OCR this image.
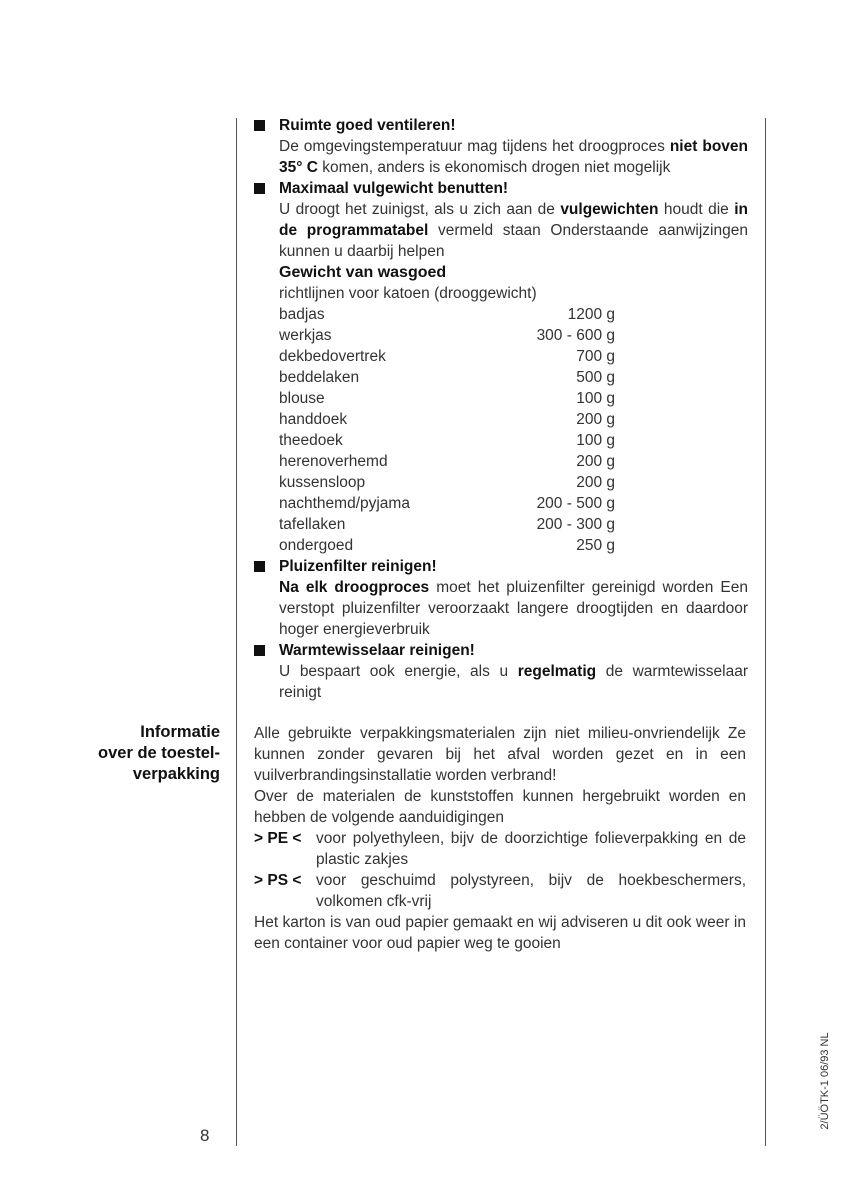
Informatie
over de toestel-
verpakking
Ruimte goed ventileren!
De omgevingstemperatuur mag tijdens het droogproces niet boven 35° C komen, anders is ekonomisch drogen niet mogelijk
Maximaal vulgewicht benutten!
U droogt het zuinigst, als u zich aan de vulgewichten houdt die in de programmatabel vermeld staan Onderstaande aanwijzingen kunnen u daarbij helpen
Gewicht van wasgoed
richtlijnen voor katoen (drooggewicht)
badjas	1200 g
werkjas	300 - 600 g
dekbedovertrek	700 g
beddelaken	500 g
blouse	100 g
handdoek	200 g
theedoek	100 g
herenoverhemd	200 g
kussensloop	200 g
nachthemd/pyjama	200 - 500 g
tafellaken	200 - 300 g
ondergoed	250 g
Pluizenfilter reinigen!
Na elk droogproces moet het pluizenfilter gereinigd worden Een verstopt pluizenfilter veroorzaakt langere droogtijden en daardoor hoger energieverbruik
Warmtewisselaar reinigen!
U bespaart ook energie, als u regelmatig de warmtewisselaar reinigt
Alle gebruikte verpakkingsmaterialen zijn niet milieu-onvriendelijk Ze kunnen zonder gevaren bij het afval worden gezet en in een vuilverbrandingsinstallatie worden verbrand!
Over de materialen de kunststoffen kunnen hergebruikt worden en hebben de volgende aanduidigingen
> PE < voor polyethyleen, bijv de doorzichtige folieverpakking en de plastic zakjes
> PS < voor geschuimd polystyreen, bijv de hoekbeschermers, volkomen cfk-vrij
Het karton is van oud papier gemaakt en wij adviseren u dit ook weer in een container voor oud papier weg te gooien
8
2/ÜÖTK-1 06/93 NL
